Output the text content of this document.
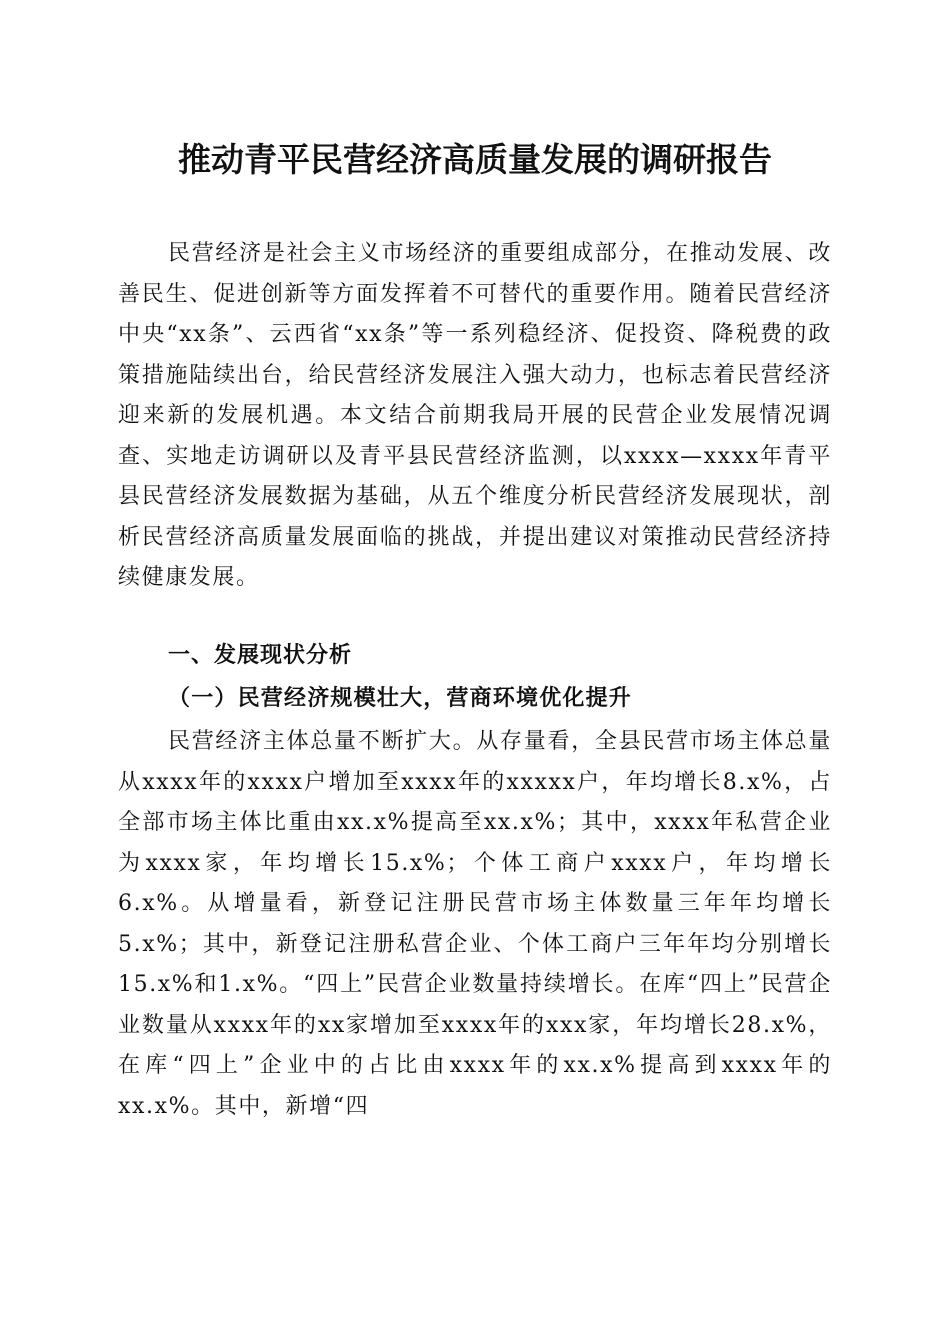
推动青平民营经济高质量发展的调研报告

民营经济是社会主义市场经济的重要组成部分，在推动发展、改善民生、促进创新等方面发挥着不可替代的重要作用。随着民营经济中央“xx条”、云西省“xx条”等一系列稳经济、促投资、降税费的政策措施陆续出台，给民营经济发展注入强大动力，也标志着民营经济迎来新的发展机遇。本文结合前期我局开展的民营企业发展情况调查、实地走访调研以及青平县民营经济监测，以xxxx—xxxx年青平县民营经济发展数据为基础，从五个维度分析民营经济发展现状，剖析民营经济高质量发展面临的挑战，并提出建议对策推动民营经济持续健康发展。

一、发展现状分析
（一）民营经济规模壮大，营商环境优化提升

民营经济主体总量不断扩大。从存量看，全县民营市场主体总量从xxxx年的xxxx户增加至xxxx年的xxxxx户，年均增长8.x%，占全部市场主体比重由xx.x%提高至xx.x%；其中，xxxx年私营企业为xxxx家，年均增长15.x%；个体工商户xxxx户，年均增长6.x%。从增量看，新登记注册民营市场主体数量三年年均增长5.x%；其中，新登记注册私营企业、个体工商户三年年均分别增长15.x%和1.x%。“四上”民营企业数量持续增长。在库“四上”民营企业数量从xxxx年的xx家增加至xxxx年的xxx家，年均增长28.x%，在库“四上”企业中的占比由xxxx年的xx.x%提高到xxxx年的xx.x%。其中，新增“四
